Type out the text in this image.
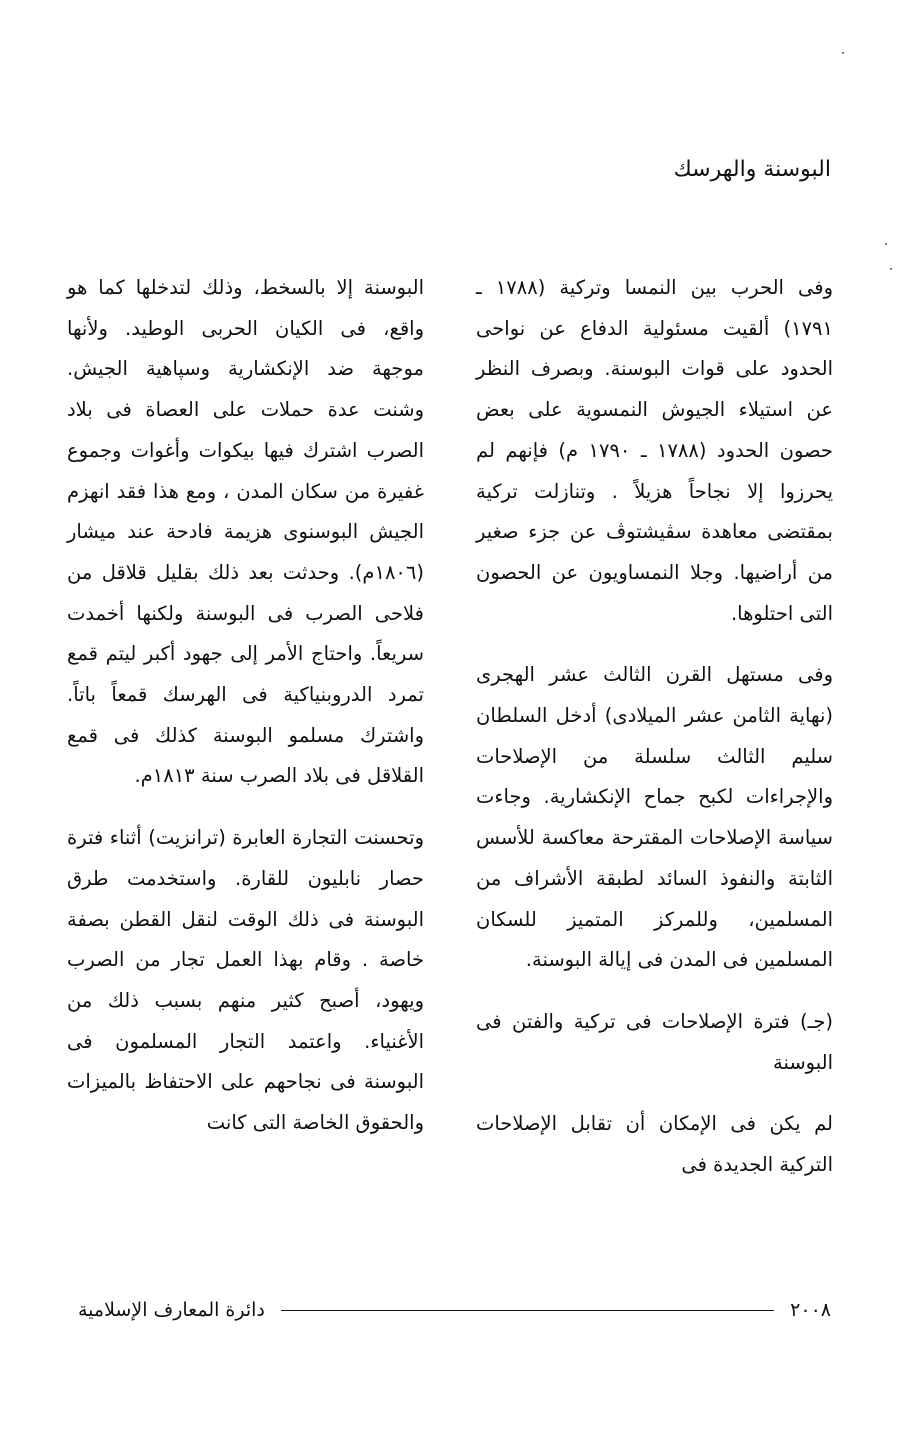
البوسنة والهرسك

وفى الحرب بين النمسا وتركية (١٧٨٨ ـ ١٧٩١) ألقيت مسئولية الدفاع عن نواحى الحدود على قوات البوسنة. وبصرف النظر عن استيلاء الجيوش النمسوية على بعض حصون الحدود (١٧٨٨ ـ ١٧٩٠ م) فإنهم لم يحرزوا إلا نجاحاً هزيلاً . وتنازلت تركية بمقتضى معاهدة سڤيشتوڤ عن جزء صغير من أراضيها. وجلا النمساويون عن الحصون التى احتلوها.

وفى مستهل القرن الثالث عشر الهجرى (نهاية الثامن عشر الميلادى) أدخل السلطان سليم الثالث سلسلة من الإصلاحات والإجراءات لكبح جماح الإنكشارية. وجاءت سياسة الإصلاحات المقترحة معاكسة للأسس الثابتة والنفوذ السائد لطبقة الأشراف من المسلمين، وللمركز المتميز للسكان المسلمين فى المدن فى إيالة البوسنة.

(جـ) فترة الإصلاحات فى تركية والفتن فى البوسنة

لم يكن فى الإمكان أن تقابل الإصلاحات التركية الجديدة فى

البوسنة إلا بالسخط، وذلك لتدخلها كما هو واقع، فى الكيان الحربى الوطيد. ولأنها موجهة ضد الإنكشارية وسپاهية الجيش. وشنت عدة حملات على العصاة فى بلاد الصرب اشترك فيها بيكوات وأغوات وجموع غفيرة من سكان المدن ، ومع هذا فقد انهزم الجيش البوسنوى هزيمة فادحة عند ميشار (١٨٠٦م). وحدثت بعد ذلك بقليل قلاقل من فلاحى الصرب فى البوسنة ولكنها أخمدت سريعاً. واحتاج الأمر إلى جهود أكبر ليتم قمع تمرد الدروبنياكية فى الهرسك قمعاً باتاً. واشترك مسلمو البوسنة كذلك فى قمع القلاقل فى بلاد الصرب سنة ١٨١٣م.

وتحسنت التجارة العابرة (ترانزيت) أثناء فترة حصار نابليون للقارة. واستخدمت طرق البوسنة فى ذلك الوقت لنقل القطن بصفة خاصة . وقام بهذا العمل تجار من الصرب ويهود، أصبح كثير منهم بسبب ذلك من الأغنياء. واعتمد التجار المسلمون فى البوسنة فى نجاحهم على الاحتفاظ بالميزات والحقوق الخاصة التى كانت

دائرة المعارف الإسلامية	٢٠٠٨
